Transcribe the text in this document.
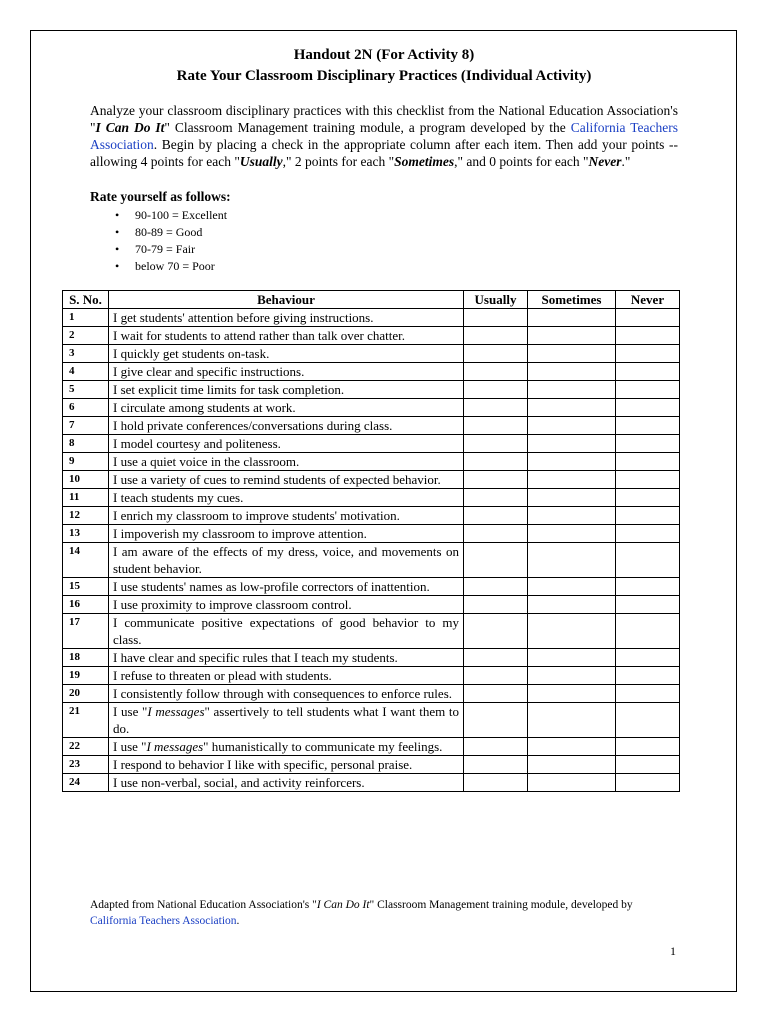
Handout 2N (For Activity 8)
Rate Your Classroom Disciplinary Practices (Individual Activity)
Analyze your classroom disciplinary practices with this checklist from the National Education Association's "I Can Do It" Classroom Management training module, a program developed by the California Teachers Association. Begin by placing a check in the appropriate column after each item. Then add your points -- allowing 4 points for each "Usually," 2 points for each "Sometimes," and 0 points for each "Never."
Rate yourself as follows:
• 90-100 = Excellent
• 80-89 = Good
• 70-79 = Fair
• below 70 = Poor
S. No.	Behaviour	Usually	Sometimes	Never
1	I get students' attention before giving instructions.			
2	I wait for students to attend rather than talk over chatter.			
3	I quickly get students on-task.			
4	I give clear and specific instructions.			
5	I set explicit time limits for task completion.			
6	I circulate among students at work.			
7	I hold private conferences/conversations during class.			
8	I model courtesy and politeness.			
9	I use a quiet voice in the classroom.			
10	I use a variety of cues to remind students of expected behavior.			
11	I teach students my cues.			
12	I enrich my classroom to improve students' motivation.			
13	I impoverish my classroom to improve attention.			
14	I am aware of the effects of my dress, voice, and movements on student behavior.			
15	I use students' names as low-profile correctors of inattention.			
16	I use proximity to improve classroom control.			
17	I communicate positive expectations of good behavior to my class.			
18	I have clear and specific rules that I teach my students.			
19	I refuse to threaten or plead with students.			
20	I consistently follow through with consequences to enforce rules.			
21	I use "I messages" assertively to tell students what I want them to do.			
22	I use "I messages" humanistically to communicate my feelings.			
23	I respond to behavior I like with specific, personal praise.			
24	I use non-verbal, social, and activity reinforcers.			
Adapted from National Education Association's "I Can Do It" Classroom Management training module, developed by
California Teachers Association.
1
